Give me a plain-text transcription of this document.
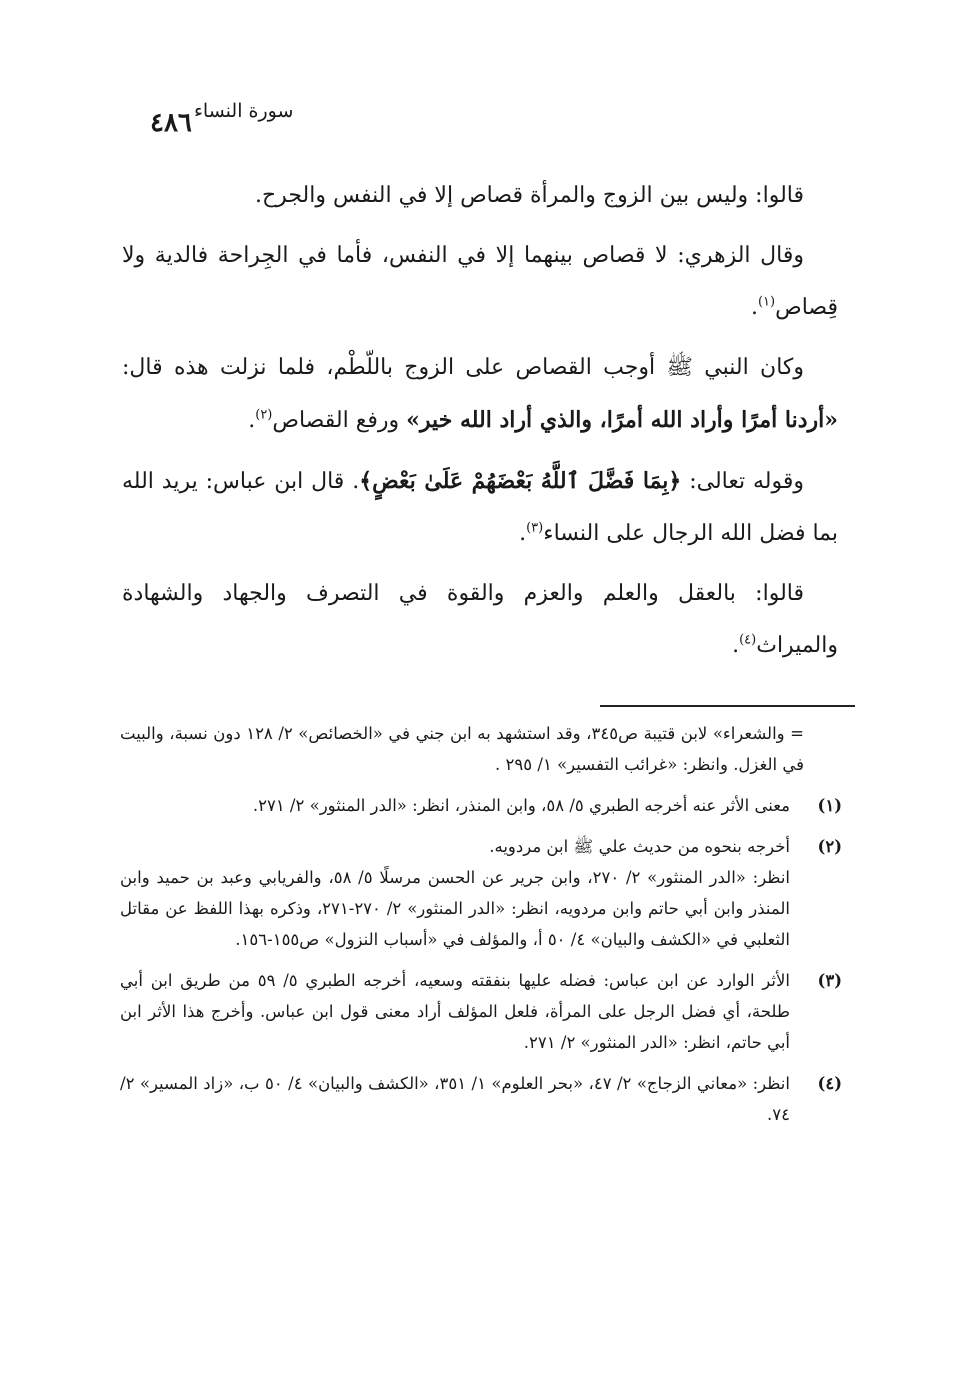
٤٨٦ سورة النساء

قالوا: وليس بين الزوج والمرأة قصاص إلا في النفس والجرح.

وقال الزهري: لا قصاص بينهما إلا في النفس، فأما في الجِراحة فالدية ولا قِصاص$^{(١)}$.

وكان النبي ﷺ أوجب القصاص على الزوج باللّطْم، فلما نزلت هذه قال: «أردنا أمرًا وأراد الله أمرًا، والذي أراد الله خير» ورفع القصاص$^{(٢)}$.

وقوله تعالى: ﴿بِمَا فَضَّلَ ٱللَّهُ بَعْضَهُمْ عَلَىٰ بَعْضٍ﴾. قال ابن عباس: يريد الله بما فضل الله الرجال على النساء$^{(٣)}$.

قالوا: بالعقل والعلم والعزم والقوة في التصرف والجهاد والشهادة والميراث$^{(٤)}$.

= والشعراء» لابن قتيبة ص٣٤٥، وقد استشهد به ابن جني في «الخصائص» ٢/ ١٢٨ دون نسبة، والبيت في الغزل. وانظر: «غرائب التفسير» ١/ ٢٩٥ .
(١)
معنى الأثر عنه أخرجه الطبري ٥/ ٥٨، وابن المنذر، انظر: «الدر المنثور» ٢/ ٢٧١.
(٢)
أخرجه بنحوه من حديث علي ﷺ ابن مردويه.
انظر: «الدر المنثور» ٢/ ٢٧٠، وابن جرير عن الحسن مرسلًا ٥/ ٥٨، والفريابي وعبد بن حميد وابن المنذر وابن أبي حاتم وابن مردويه، انظر: «الدر المنثور» ٢/ ٢٧٠-٢٧١، وذكره بهذا اللفظ عن مقاتل الثعلبي في «الكشف والبيان» ٤/ ٥٠ أ، والمؤلف في «أسباب النزول» ص١٥٥-١٥٦.
(٣)
الأثر الوارد عن ابن عباس: فضله عليها بنفقته وسعيه، أخرجه الطبري ٥/ ٥٩ من طريق ابن أبي طلحة، أي فضل الرجل على المرأة، فلعل المؤلف أراد معنى قول ابن عباس. وأخرج هذا الأثر ابن أبي حاتم، انظر: «الدر المنثور» ٢/ ٢٧١.
(٤)
انظر: «معاني الزجاج» ٢/ ٤٧، «بحر العلوم» ١/ ٣٥١، «الكشف والبيان» ٤/ ٥٠ ب، «زاد المسير» ٢/ ٧٤.
